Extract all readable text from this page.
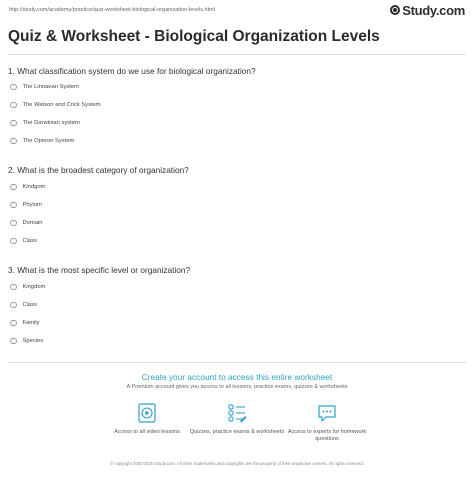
http://study.com/academy/practice/quiz-worksheet-biological-organization-levels.html	Study.com
Quiz & Worksheet - Biological Organization Levels

1. What classification system do we use for biological organization?

The Linnaean System
The Watson and Crick System
The Darwinian system
The Operon System

2. What is the broadest category of organization?

Kindgom
Phylum
Domain
Class

3. What is the most specific level or organization?

Kingdom
Class
Family
Species

Create your account to access this entire worksheet

A Premium account gives you access to all lessons, practice exams, quizzes & worksheets

Access to all video lessons	Quizzes, practice exams & worksheets Access to experts for homework questions
© copyright 2003-2020 Study.com. All other trademarks and copyrights are the property of their respective owners. All rights reserved.
